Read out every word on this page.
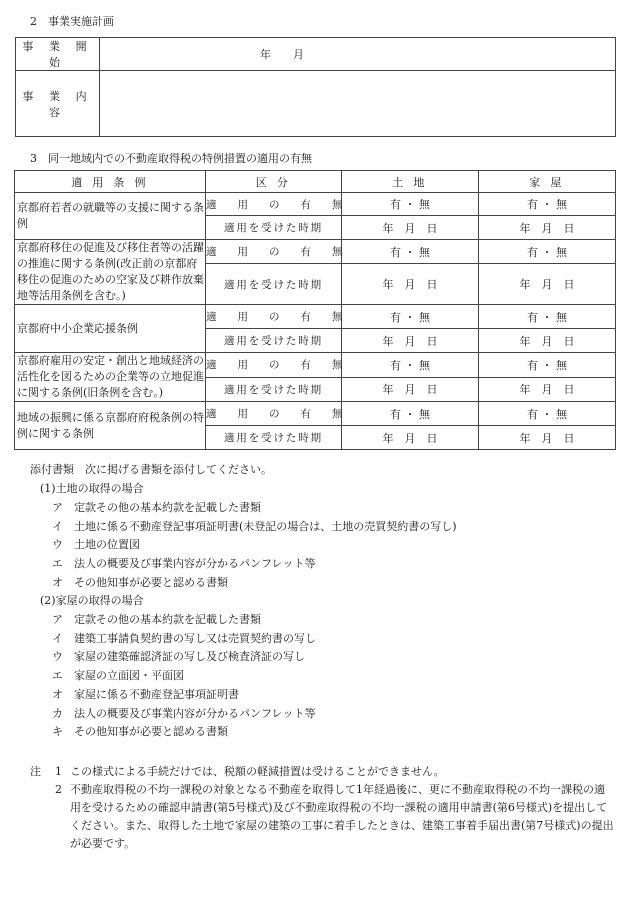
2　事業実施計画
事 業 開 始	年　　月
事 業 内 容	
3　同一地域内での不動産取得税の特例措置の適用の有無
適 用 条 例	区 分	土 地	家 屋
京都府若者の就職等の支援に関する条例	適　用　の　有　無	有 ・ 無	有 ・ 無
	適用を受けた時期	年　月　日	年　月　日
京都府移住の促進及び移住者等の活躍の推進に関する条例(改正前の京都府移住の促進のための空家及び耕作放棄地等活用条例を含む。)	適　用　の　有　無	有 ・ 無	有 ・ 無
	適用を受けた時期	年　月　日	年　月　日
京都府中小企業応援条例	適　用　の　有　無	有 ・ 無	有 ・ 無
	適用を受けた時期	年　月　日	年　月　日
京都府雇用の安定・創出と地域経済の活性化を図るための企業等の立地促進に関する条例(旧条例を含む。)	適　用　の　有　無	有 ・ 無	有 ・ 無
	適用を受けた時期	年　月　日	年　月　日
地域の振興に係る京都府府税条例の特例に関する条例	適　用　の　有　無	有 ・ 無	有 ・ 無
	適用を受けた時期	年　月　日	年　月　日
添付書類　次に掲げる書類を添付してください。
(1)土地の取得の場合
ア　定款その他の基本約款を記載した書類
イ　土地に係る不動産登記事項証明書(未登記の場合は、土地の売買契約書の写し)
ウ　土地の位置図
エ　法人の概要及び事業内容が分かるパンフレット等
オ　その他知事が必要と認める書類
(2)家屋の取得の場合
ア　定款その他の基本約款を記載した書類
イ　建築工事請負契約書の写し又は売買契約書の写し
ウ　家屋の建築確認済証の写し及び検査済証の写し
エ　家屋の立面図・平面図
オ　家屋に係る不動産登記事項証明書
カ　法人の概要及び事業内容が分かるパンフレット等
キ　その他知事が必要と認める書類
注 1 この様式による手続だけでは、税額の軽減措置は受けることができません。
2 不動産取得税の不均一課税の対象となる不動産を取得して1年経過後に、更に不動産取得税の不均一課税の適用を受けるための確認申請書(第5号様式)及び不動産取得税の不均一課税の適用申請書(第6号様式)を提出してください。また、取得した土地で家屋の建築の工事に着手したときは、建築工事着手届出書(第7号様式)の提出が必要です。
